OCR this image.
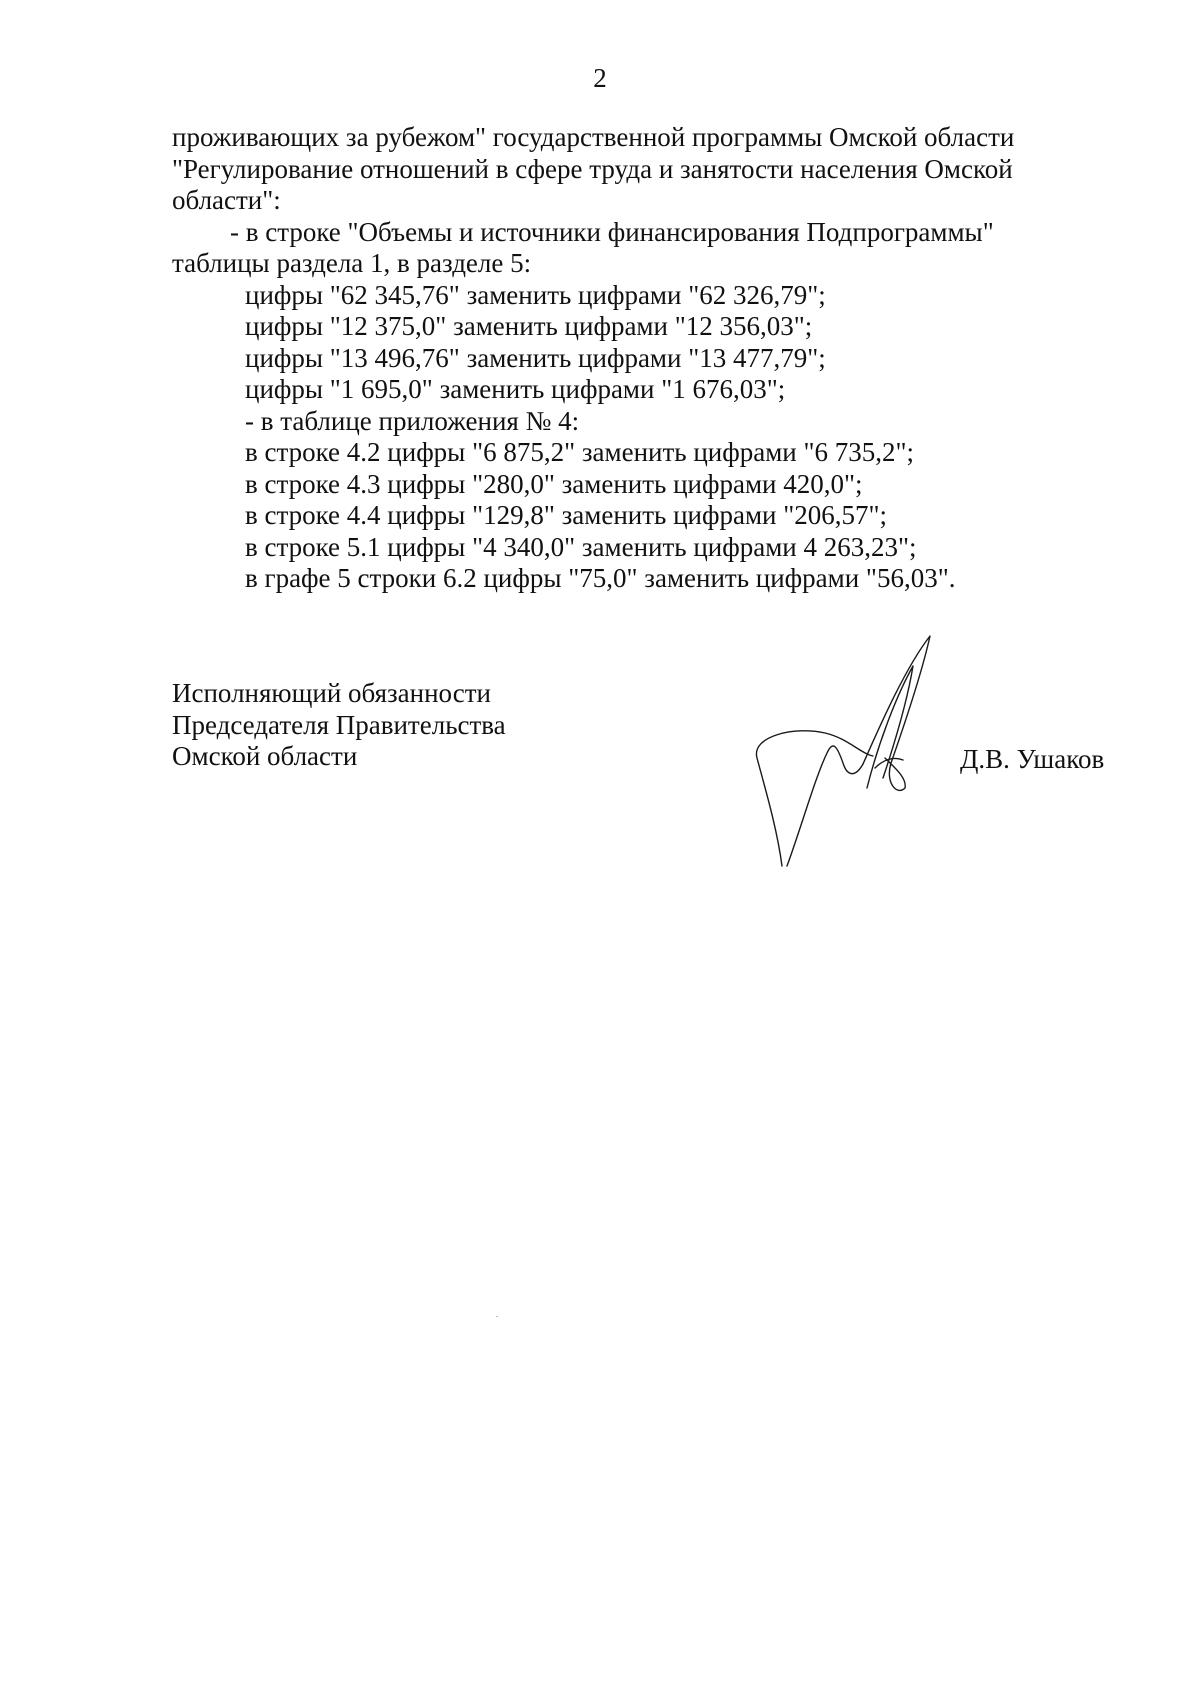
2

проживающих за рубежом" государственной программы Омской области

"Регулирование отношений в сфере труда и занятости населения Омской

области":

- в строке "Объемы и источники финансирования Подпрограммы"

таблицы раздела 1, в разделе 5:

цифры "62 345,76" заменить цифрами "62 326,79";

цифры "12 375,0" заменить цифрами "12 356,03";

цифры "13 496,76" заменить цифрами "13 477,79";

цифры "1 695,0" заменить цифрами "1 676,03";

- в таблице приложения № 4:

в строке 4.2 цифры "6 875,2" заменить цифрами "6 735,2";

в строке 4.3 цифры "280,0" заменить цифрами 420,0";

в строке 4.4 цифры "129,8" заменить цифрами "206,57";

в строке 5.1 цифры "4 340,0" заменить цифрами 4 263,23";

в графе 5 строки 6.2 цифры "75,0" заменить цифрами "56,03".

Исполняющий обязанности
Председателя Правительства
Омской области	Д.В. Ушаков
